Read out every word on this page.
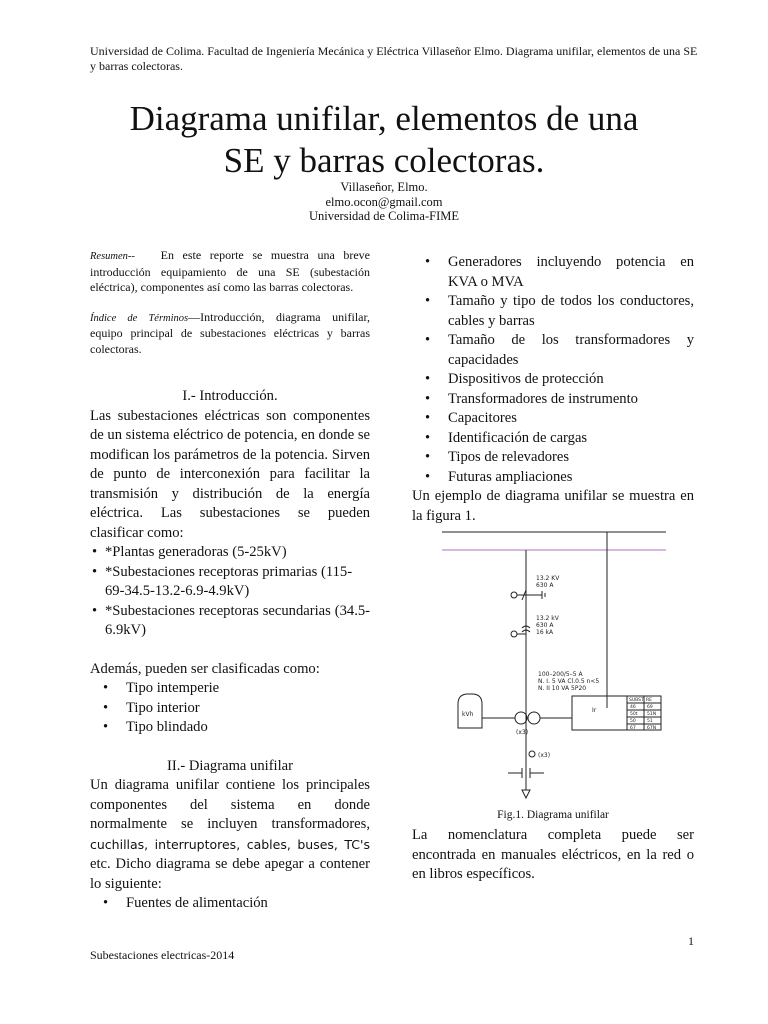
Universidad de Colima. Facultad de Ingeniería Mecánica y Eléctrica Villaseñor Elmo. Diagrama unifilar, elementos de una SE y barras colectoras.
Diagrama unifilar, elementos de una
SE y barras colectoras.
Villaseñor, Elmo.
elmo.ocon@gmail.com
Universidad de Colima-FIME
Resumen-- En este reporte se muestra una breve introducción equipamiento de una SE (subestación eléctrica), componentes así como las barras colectoras.
Índice de Términos—Introducción, diagrama unifilar, equipo principal de subestaciones eléctricas y barras colectoras.
I.- Introducción.
Las subestaciones eléctricas son componentes de un sistema eléctrico de potencia, en donde se modifican los parámetros de la potencia. Sirven de punto de interconexión para facilitar la transmisión y distribución de la energía eléctrica. Las subestaciones se pueden clasificar como:
• *Plantas generadoras (5-25kV)
• *Subestaciones receptoras primarias (115-69-34.5-13.2-6.9-4.9kV)
• *Subestaciones receptoras secundarias (34.5-6.9kV)
Además, pueden ser clasificadas como:
• Tipo intemperie
• Tipo interior
• Tipo blindado
II.- Diagrama unifilar
Un diagrama unifilar contiene los principales componentes del sistema en donde normalmente se incluyen transformadores, cuchillas, interruptores, cables, buses, TC's etc. Dicho diagrama se debe apegar a contener lo siguiente:
• Fuentes de alimentación
• Generadores incluyendo potencia en KVA o MVA
• Tamaño y tipo de todos los conductores, cables y barras
• Tamaño de los transformadores y capacidades
• Dispositivos de protección
• Transformadores de instrumento
• Capacitores
• Identificación de cargas
• Tipos de relevadores
• Futuras ampliaciones
Un ejemplo de diagrama unifilar se muestra en la figura 1.
13.2 KV
630 A
13.2 kV
630 A
16 kA
100–200/5–5 A
N. I. 5 VA Cl.0.5 n<5
N. II 10 VA 5P20
kVh
(x3)
(x3)
Ir
SUBST RE
46	69
50t 51N
50	51
67	67N
Fig.1. Diagrama unifilar
La nomenclatura completa puede ser encontrada en manuales eléctricos, en la red o en libros específicos.
1
Subestaciones electricas-2014
